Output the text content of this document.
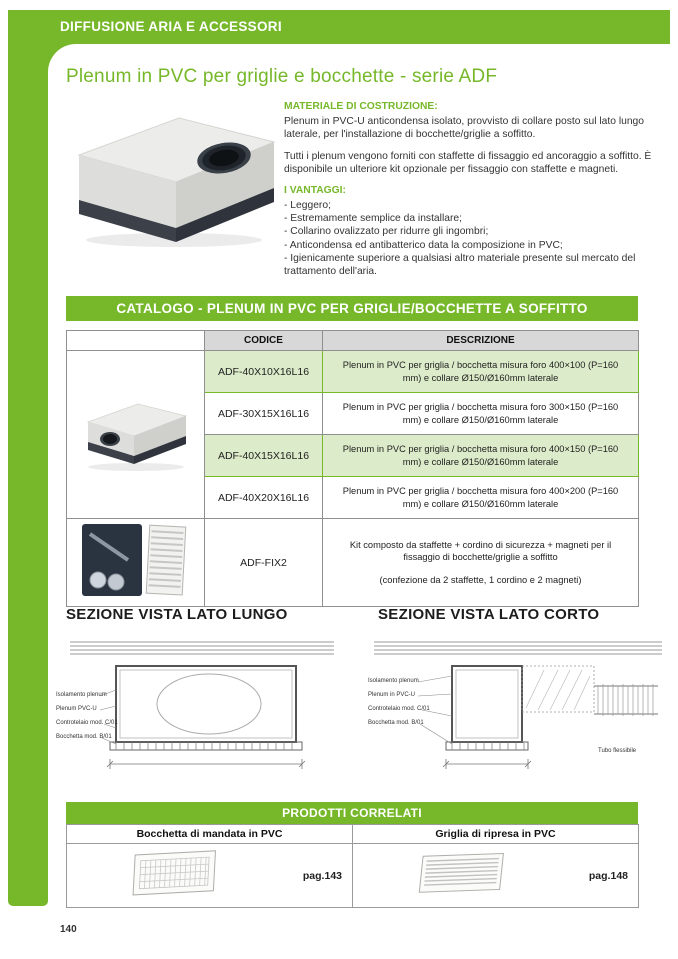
DIFFUSIONE ARIA E ACCESSORI
Plenum in PVC per griglie e bocchette - serie ADF
MATERIALE DI COSTRUZIONE:

Plenum in PVC-U anticondensa isolato, provvisto di collare posto sul lato lungo laterale, per l'installazione di bocchette/griglie a soffitto.

Tutti i plenum vengono forniti con staffette di fissaggio ed ancoraggio a soffitto. È disponibile un ulteriore kit opzionale per fissaggio con staffette e magneti.

I VANTAGGI:
- Leggero;
- Estremamente semplice da installare;
- Collarino ovalizzato per ridurre gli ingombri;
- Anticondensa ed antibatterico data la composizione in PVC;
- Igienicamente superiore a qualsiasi altro materiale presente sul mercato del trattamento dell'aria.
CATALOGO - PLENUM IN PVC PER GRIGLIE/BOCCHETTE A SOFFITTO
	CODICE	DESCRIZIONE
	ADF-40X10X16L16	Plenum in PVC per griglia / bocchetta misura foro 400×100 (P=160 mm) e collare Ø150/Ø160mm laterale
	ADF-30X15X16L16	Plenum in PVC per griglia / bocchetta misura foro 300×150 (P=160 mm) e collare Ø150/Ø160mm laterale
	ADF-40X15X16L16	Plenum in PVC per griglia / bocchetta misura foro 400×150 (P=160 mm) e collare Ø150/Ø160mm laterale
	ADF-40X20X16L16	Plenum in PVC per griglia / bocchetta misura foro 400×200 (P=160 mm) e collare Ø150/Ø160mm laterale
	ADF-FIX2	Kit composto da staffette + cordino di sicurezza + magneti per il fissaggio di bocchette/griglie a soffitto
(confezione da 2 staffette, 1 cordino e 2 magneti)
SEZIONE VISTA LATO LUNGO	SEZIONE VISTA LATO CORTO
Isolamento plenum
Plenum PVC-U
Controtelaio mod. C/01
Bocchetta mod. B/01
Isolamento plenum
Plenum in PVC-U
Controtelaio mod. C/01
Bocchetta mod. B/01
Tubo flessibile
PRODOTTI CORRELATI
Bocchetta di mandata in PVC	Griglia di ripresa in PVC

pag.143	pag.148
140
